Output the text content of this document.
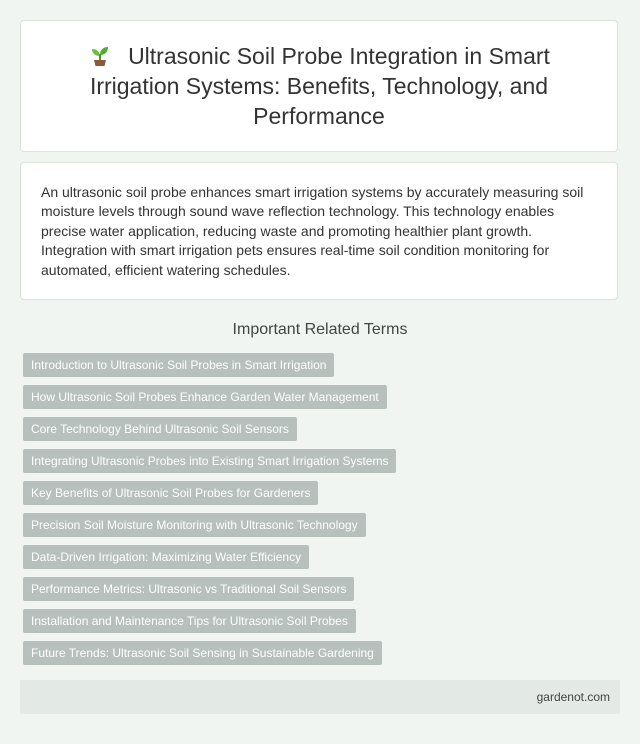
Ultrasonic Soil Probe Integration in Smart Irrigation Systems: Benefits, Technology, and Performance

An ultrasonic soil probe enhances smart irrigation systems by accurately measuring soil moisture levels through sound wave reflection technology. This technology enables precise water application, reducing waste and promoting healthier plant growth. Integration with smart irrigation pets ensures real-time soil condition monitoring for automated, efficient watering schedules.

Important Related Terms
Introduction to Ultrasonic Soil Probes in Smart Irrigation
How Ultrasonic Soil Probes Enhance Garden Water Management
Core Technology Behind Ultrasonic Soil Sensors
Integrating Ultrasonic Probes into Existing Smart Irrigation Systems
Key Benefits of Ultrasonic Soil Probes for Gardeners
Precision Soil Moisture Monitoring with Ultrasonic Technology
Data-Driven Irrigation: Maximizing Water Efficiency
Performance Metrics: Ultrasonic vs Traditional Soil Sensors
Installation and Maintenance Tips for Ultrasonic Soil Probes
Future Trends: Ultrasonic Soil Sensing in Sustainable Gardening
gardenot.com
